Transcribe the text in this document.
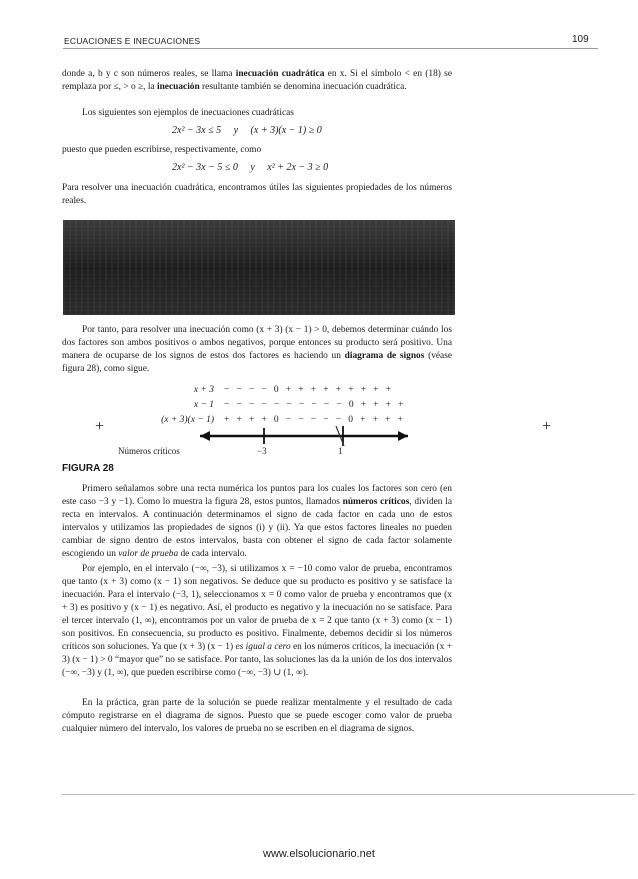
ECUACIONES E INECUACIONES	109
donde a, b y c son números reales, se llama inecuación cuadrática en x. Si el símbolo < en (18) se remplaza por ≤, > o ≥, la inecuación resultante también se denomina inecuación cuadrática.
Los siguientes son ejemplos de inecuaciones cuadráticas
2x² − 3x ≤ 5     y     (x + 3)(x − 1) ≥ 0
puesto que pueden escribirse, respectivamente, como
2x² − 3x − 5 ≤ 0     y     x² + 2x − 3 ≥ 0
Para resolver una inecuación cuadrática, encontramos útiles las siguientes propiedades de los números reales.
Por tanto, para resolver una inecuación como (x + 3) (x − 1) > 0, debemos determinar cuándo los dos factores son ambos positivos o ambos negativos, porque entonces su producto será positivo. Una manera de ocuparse de los signos de estos dos factores es haciendo un diagrama de signos (véase figura 28), como sigue.
x + 3 −   −   −   −   0   +   +   +   +   +   +   +   +   +
x − 1 −   −   −   −   −   −   −   −   −   −   0   +   +   +   +
(x + 3)(x − 1) +   +   +   +   0   −   −   −   −   −   0   +   +   +   +
+	+
Números críticos	−3	1
FIGURA 28
Primero señalamos sobre una recta numérica los puntos para los cuales los factores son cero (en este caso −3 y −1). Como lo muestra la figura 28, estos puntos, llamados números críticos, dividen la recta en intervalos. A continuación determinamos el signo de cada factor en cada uno de estos intervalos y utilizamos las propiedades de signos (i) y (ii). Ya que estos factores lineales no pueden cambiar de signo dentro de estos intervalos, basta con obtener el signo de cada factor solamente escogiendo un valor de prueba de cada intervalo.
Por ejemplo, en el intervalo (−∞, −3), si utilizamos x = −10 como valor de prueba, encontramos que tanto (x + 3) como (x − 1) son negativos. Se deduce que su producto es positivo y se satisface la inecuación. Para el intervalo (−3, 1), seleccionamos x = 0 como valor de prueba y encontramos que (x + 3) es positivo y (x − 1) es negativo. Así, el producto es negativo y la inecuación no se satisface. Para el tercer intervalo (1, ∞), encontramos por un valor de prueba de x = 2 que tanto (x + 3) como (x − 1) son positivos. En consecuencia, su producto es positivo. Finalmente, debemos decidir si los números críticos son soluciones. Ya que (x + 3) (x − 1) es igual a cero en los números críticos, la inecuación (x + 3) (x − 1) > 0 “mayor que” no se satisface. Por tanto, las soluciones las da la unión de los dos intervalos (−∞, −3) y (1, ∞), que pueden escribirse como (−∞, −3) ∪ (1, ∞).
En la práctica, gran parte de la solución se puede realizar mentalmente y el resultado de cada cómputo registrarse en el diagrama de signos. Puesto que se puede escoger como valor de prueba cualquier número del intervalo, los valores de prueba no se escriben en el diagrama de signos.
www.elsolucionario.net
